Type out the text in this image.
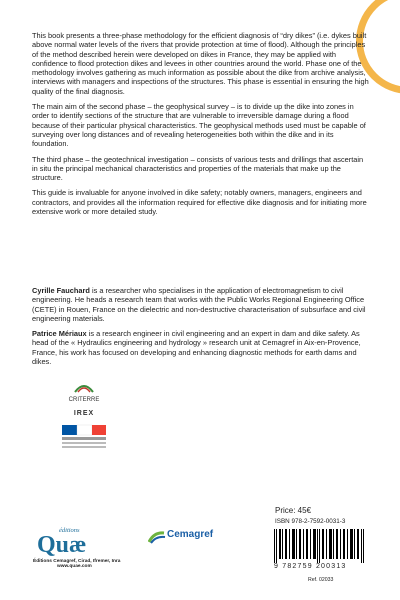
This book presents a three-phase methodology for the efficient diagnosis of “dry dikes” (i.e. dykes built above normal water levels of the rivers that provide protection at time of flood). Although the principles of the method described herein were developed on dikes in France, they may be applied with confidence to flood protection dikes and levees in other countries around the world. Phase one of the methodology involves gathering as much information as possible about the dike from archive analysis, interviews with managers and inspections of the structures. This phase is essential in ensuring the high quality of the final diagnosis.

The main aim of the second phase – the geophysical survey – is to divide up the dike into zones in order to identify sections of the structure that are vulnerable to irreversible damage during a flood because of their particular physical characteristics. The geophysical methods used must be capable of surveying over long distances and of revealing heterogeneities both within the dike and in its foundation.

The third phase – the geotechnical investigation – consists of various tests and drillings that ascertain in situ the principal mechanical characteristics and properties of the materials that make up the structure.

This guide is invaluable for anyone involved in dike safety; notably owners, managers, engineers and contractors, and provides all the information required for effective dike diagnosis and for initiating more extensive work or more detailed study.

Cyrille Fauchard is a researcher who specialises in the application of electromagnetism to civil engineering. He heads a research team that works with the Public Works Regional Engineering Office (CETE) in Rouen, France on the dielectric and non-destructive characterisation of subsurface and civil engineering materials.

Patrice Mériaux is a research engineer in civil engineering and an expert in dam and dike safety. As head of the « Hydraulics engineering and hydrology » research unit at Cemagref in Aix-en-Provence, France, his work has focused on developing and enhancing diagnostic methods for earth dams and dikes.

CRITERRE
IREX
éditions
Quæ
Éditions Cemagref, Cirad, Ifremer, Inra
www.quae.com
Cemagref
Price: 45€
ISBN 978-2-7592-0031-3
9 782759 200313
Ref. 02033
